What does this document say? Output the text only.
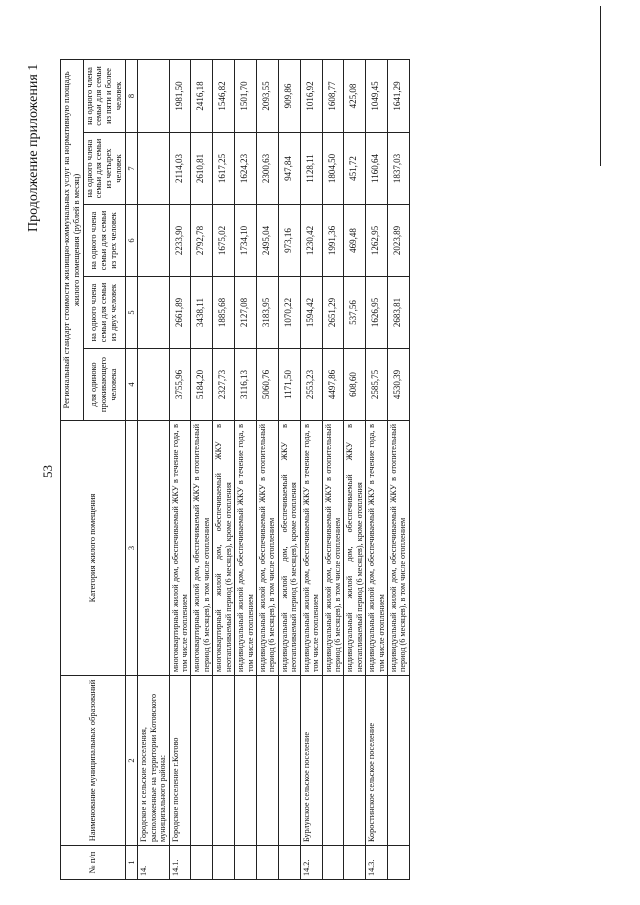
53
Продолжение приложения 1
№ п/п	Наименование муниципальных образований	Категория жилого помещения	Региональный стандарт стоимости жилищно-коммунальных услуг на нормативную площадь жилого помещения (рублей в месяц)				
			для одиноко проживающего человека	на одного члена семьи для семьи из двух человек	на одного члена семьи для семьи из трех человек	на одного члена семьи для семьи из четырех человек	на одного члена семьи для семьи из пяти и более человек
1	2	3	4	5	6	7	8
14.	Городское и сельские поселения, расположенные на территории Котовского муниципального района:						
14.1.	Городское поселение г.Котово	многоквартирный жилой дом, обеспечиваемый ЖКУ в течение года, в том числе отоплением	3755,96	2661,89	2233,90	2114,03	1981,50
		многоквартирный жилой дом, обеспечиваемый ЖКУ в отопительный период (6 месяцев), в том числе отоплением	5184,20	3438,11	2792,78	2610,81	2416,18
		многоквартирный жилой дом, обеспечиваемый ЖКУ в неотапливаемый период (6 месяцев), кроме отопления	2327,73	1885,68	1675,02	1617,25	1546,82
		индивидуальный жилой дом, обеспечиваемый ЖКУ в течение года, в том числе отоплением	3116,13	2127,08	1734,10	1624,23	1501,70
		индивидуальный жилой дом, обеспечиваемый ЖКУ в отопительный период (6 месяцев), в том числе отоплением	5060,76	3183,95	2495,04	2300,63	2093,55
		индивидуальный жилой дом, обеспечиваемый ЖКУ в неотапливаемый период (6 месяцев), кроме отопления	1171,50	1070,22	973,16	947,84	909,86
14.2.	Бурлукское сельское поселение	индивидуальный жилой дом, обеспечиваемый ЖКУ в течение года, в том числе отоплением	2553,23	1594,42	1230,42	1128,11	1016,92
		индивидуальный жилой дом, обеспечиваемый ЖКУ в отопительный период (6 месяцев), в том числе отоплением	4497,86	2651,29	1991,36	1804,50	1608,77
		индивидуальный жилой дом, обеспечиваемый ЖКУ в неотапливаемый период (6 месяцев), кроме отопления	608,60	537,56	469,48	451,72	425,08
14.3.	Коростинское сельское поселение	индивидуальный жилой дом, обеспечиваемый ЖКУ в течение года, в том числе отоплением	2585,75	1626,95	1262,95	1160,64	1049,45
		индивидуальный жилой дом, обеспечиваемый ЖКУ в отопительный период (6 месяцев), в том числе отоплением	4530,39	2683,81	2023,89	1837,03	1641,29
